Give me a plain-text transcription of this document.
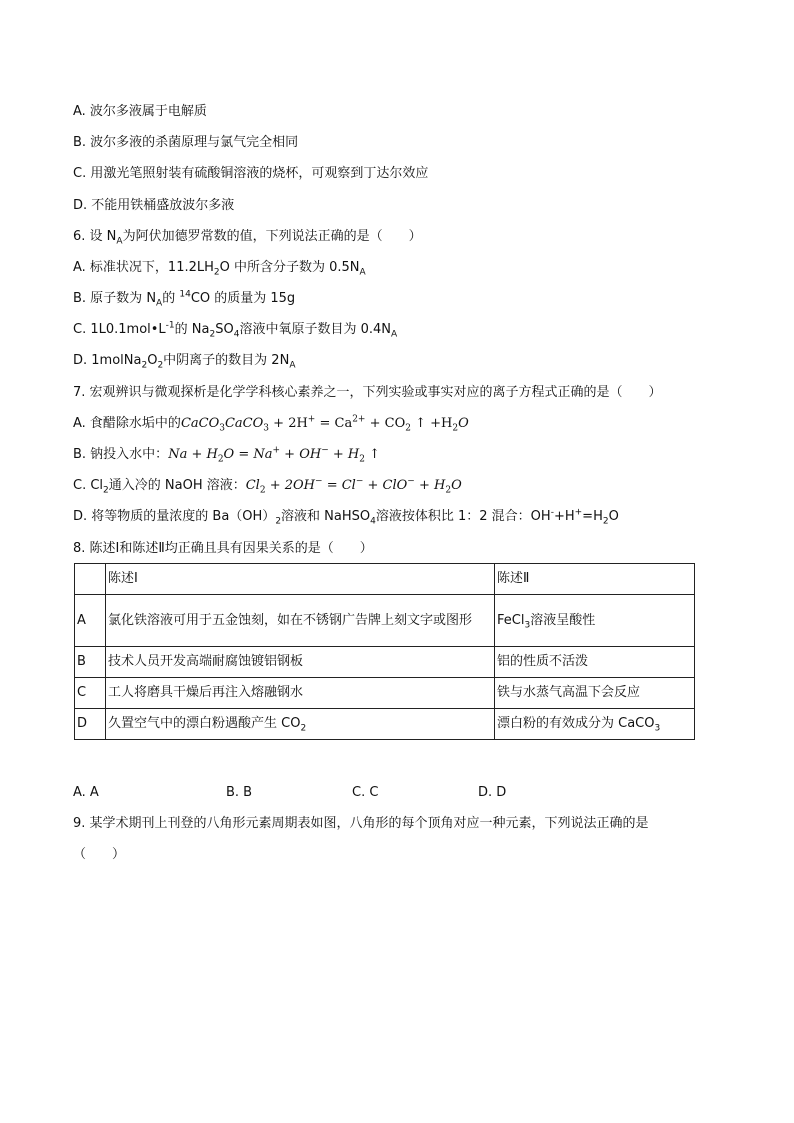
A. 波尔多液属于电解质
B. 波尔多液的杀菌原理与氯气完全相同
C. 用激光笔照射装有硫酸铜溶液的烧杯，可观察到丁达尔效应
D. 不能用铁桶盛放波尔多液
6. 设 $N_A$为阿伏加德罗常数的值，下列说法正确的是（　　）
A. 标准状况下，$11.2LH_2O$ 中所含分子数为 $0.5N_A$
B. 原子数为 $N_A$的 $^{14}$CO 的质量为 15g
C. $1L0.1mol•L^{-1}$的 $Na_2SO_4$溶液中氧原子数目为 $0.4N_A$
D. $1molNa_2O_2$中阴离子的数目为 $2N_A$
7. 宏观辨识与微观探析是化学学科核心素养之一，下列实验或事实对应的离子方程式正确的是（　　）
A. 食醋除水垢中的CaCO$_3$CaCO$_3$ + $2H^+ = Ca^{2+} + CO_2$ ↑ $+H_2O$
B. 钠投入水中：$Na + H_2O = Na^+ + OH^- + H_2$ ↑
C. $Cl_2$通入冷的 NaOH 溶液：$Cl_2 + 2OH^- = Cl^- + ClO^- + H_2O$
D. 将等物质的量浓度的 $Ba(OH)_2$溶液和 NaHSO$_4$溶液按体积比 1：2 混合：$OH^-+H^+=H_2O$
8. 陈述Ⅰ和陈述Ⅱ均正确且具有因果关系的是（　　）
	陈述Ⅰ	陈述Ⅱ
A	氯化铁溶液可用于五金蚀刻，如在不锈钢广告牌上刻文字或图形	FeCl$_3$溶液呈酸性
B	技术人员开发高端耐腐蚀镀铝钢板	铝的性质不活泼
C	工人将磨具干燥后再注入熔融钢水	铁与水蒸气高温下会反应
D	久置空气中的漂白粉遇酸产生 $CO_2$	漂白粉的有效成分为 CaCO$_3$
A. A	B. B	C. C	D. D
9. 某学术期刊上刊登的八角形元素周期表如图，八角形的每个顶角对应一种元素，下列说法正确的是
（　　）
